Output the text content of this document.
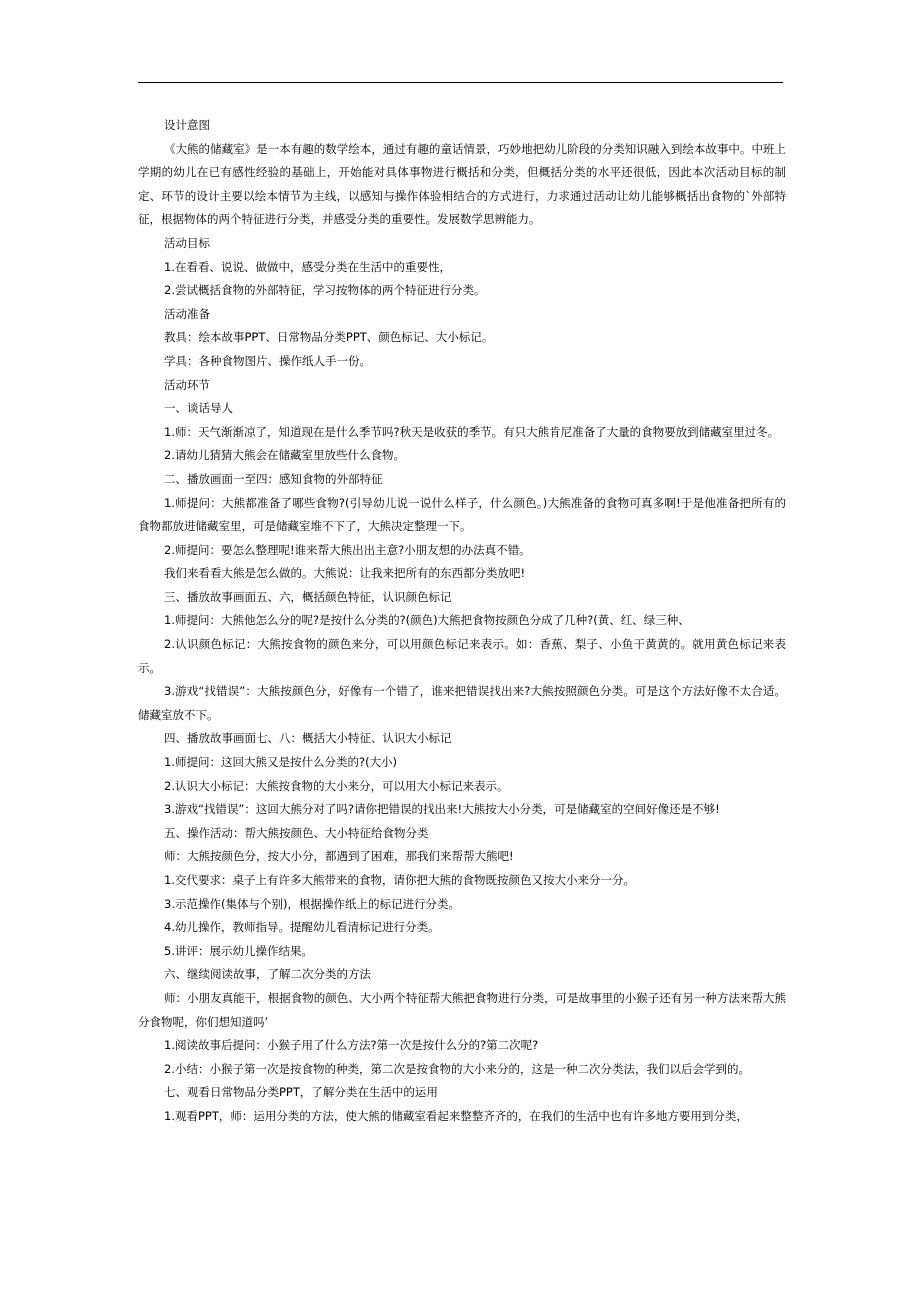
设计意图

《大熊的储藏室》是一本有趣的数学绘本，通过有趣的童话情景，巧妙地把幼儿阶段的分类知识融入到绘本故事中。中班上学期的幼儿在已有感性经验的基础上，开始能对具体事物进行概括和分类，但概括分类的水平还很低，因此本次活动目标的制定、环节的设计主要以绘本情节为主线，以感知与操作体验相结合的方式进行，力求通过活动让幼儿能够概括出食物的`外部特征，根据物体的两个特征进行分类，并感受分类的重要性。发展数学思辨能力。

活动目标

1.在看看、说说、做做中，感受分类在生活中的重要性，

2.尝试概括食物的外部特征，学习按物体的两个特征进行分类。

活动准备

教具：绘本故事PPT、日常物品分类PPT、颜色标记、大小标记。

学具：各种食物图片、操作纸人手一份。

活动环节

一、谈话导人

1.师：天气渐渐凉了，知道现在是什么季节吗?秋天是收获的季节。有只大熊肯尼准备了大量的食物要放到储藏室里过冬。

2.请幼儿猜猜大熊会在储藏室里放些什么食物。

二、播放画面一至四：感知食物的外部特征

1.师提问：大熊都准备了哪些食物?(引导幼儿说一说什么样子，什么颜色。)大熊准备的食物可真多啊!于是他准备把所有的食物都放进储藏室里，可是储藏室堆不下了，大熊决定整理一下。

2.师提问：要怎么整理呢!谁来帮大熊出出主意?小朋友想的办法真不错。

我们来看看大熊是怎么做的。大熊说：让我来把所有的东西都分类放吧!

三、播放故事画面五、六，概括颜色特征，认识颜色标记

1.师提问：大熊他怎么分的呢?是按什么分类的?(颜色)大熊把食物按颜色分成了几种?(黄、红、绿三种、

2.认识颜色标记：大熊按食物的颜色来分，可以用颜色标记来表示。如：香蕉、梨子、小鱼干黄黄的。就用黄色标记来表示。

3.游戏“找错误”：大熊按颜色分，好像有一个错了，谁来把错误找出来?大熊按照颜色分类。可是这个方法好像不太合适。储藏室放不下。

四、播放故事画面七、八：概括大小特征、认识大小标记

1.师提问：这回大熊又是按什么分类的?(大小)

2.认识大小标记：大熊按食物的大小来分，可以用大小标记来表示。

3.游戏“找错误”：这回大熊分对了吗?请你把错误的找出来!大熊按大小分类，可是储藏室的空间好像还是不够!

五、操作活动：帮大熊按颜色、大小特征给食物分类

师：大熊按颜色分，按大小分，都遇到了困难，那我们来帮帮大熊吧!

1.交代要求：桌子上有许多大熊带来的食物，请你把大熊的食物既按颜色又按大小来分一分。

3.示范操作(集体与个别)，根据操作纸上的标记进行分类。

4.幼儿操作，教师指导。提醒幼儿看清标记进行分类。

5.讲评：展示幼儿操作结果。

六、继续阅读故事，了解二次分类的方法

师：小朋友真能干，根据食物的颜色、大小两个特征帮大熊把食物进行分类，可是故事里的小猴子还有另一种方法来帮大熊分食物呢，你们想知道吗’

1.阅读故事后提问：小猴子用了什么方法?第一次是按什么分的?第二次呢?

2.小结：小猴子第一次是按食物的种类，第二次是按食物的大小来分的，这是一种二次分类法，我们以后会学到的。

七、观看日常物品分类PPT，了解分类在生活中的运用

1.观看PPT，师：运用分类的方法，使大熊的储藏室看起来整整齐齐的，在我们的生活中也有许多地方要用到分类，
